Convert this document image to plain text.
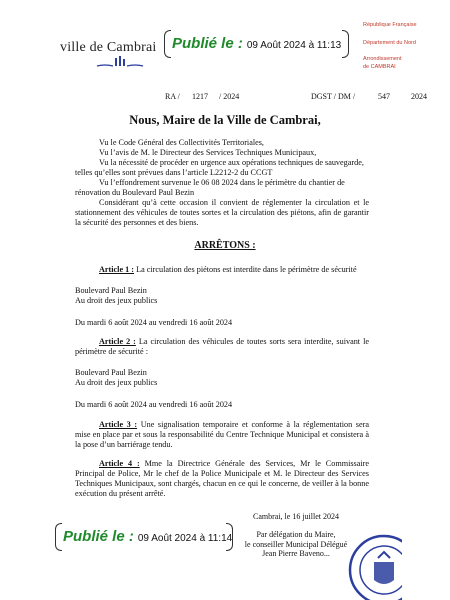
ville de Cambrai Publié le : 09 Août 2024 à 11:13
République Française
Département du Nord
Arrondissement
de CAMBRAI
RA / 1217 / 2024	DGST / DM /	547	2024
Nous, Maire de la Ville de Cambrai,

Vu le Code Général des Collectivités Territoriales,

Vu l’avis de M. le Directeur des Services Techniques Municipaux,

Vu la nécessité de procéder en urgence aux opérations techniques de sauvegarde, telles qu’elles sont prévues dans l’article L2212-2 du CCGT

Vu l’effondrement survenue le 06 08 2024 dans le périmètre du chantier de rénovation du Boulevard Paul Bezin

Considérant qu’à cette occasion il convient de réglementer la circulation et le stationnement des véhicules de toutes sortes et la circulation des piétons, afin de garantir la sécurité des personnes et des biens.

ARRÊTONS :

Article 1 : La circulation des piétons est interdite dans le périmètre de sécurité

Boulevard Paul Bezin

Au droit des jeux publics

Du mardi 6 août 2024 au vendredi 16 août 2024

Article 2 : La circulation des véhicules de toutes sorts sera interdite, suivant le périmètre de sécurité :

Boulevard Paul Bezin

Au droit des jeux publics

Du mardi 6 août 2024 au vendredi 16 août 2024

Article 3 : Une signalisation temporaire et conforme à la réglementation sera mise en place par et sous la responsabilité du Centre Technique Municipal et consistera à la pose d’un barriérage tendu.

Article 4 : Mme la Directrice Générale des Services, Mr le Commissaire Principal de Police, Mr le chef de la Police Municipale et M. le Directeur des Services Techniques Municipaux, sont chargés, chacun en ce qui le concerne, de veiller à la bonne exécution du présent arrêté.

Cambrai, le 16 juillet 2024
Par délégation du Maire,
le conseiller Municipal Délégué
Jean Pierre Baveno...
Publié le : 09 Août 2024 à 11:14
